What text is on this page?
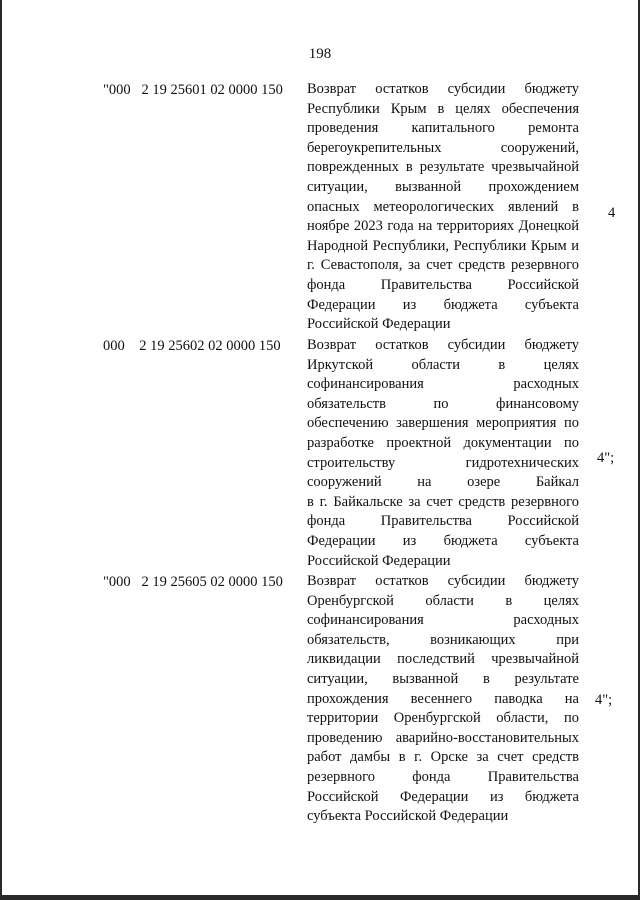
198
"000   2 19 25601 02 0000 150 Возврат остатков субсидии бюджету
Республики Крым в целях обеспечения
проведения капитального ремонта
берегоукрепительных сооружений,
поврежденных в результате чрезвычайной
ситуации, вызванной прохождением
опасных метеорологических явлений в
ноябре 2023 года на территориях Донецкой
Народной Республики, Республики Крым и
г. Севастополя, за счет средств резервного
фонда Правительства Российской
Федерации из бюджета субъекта
Российской Федерации
4
000    2 19 25602 02 0000 150 Возврат остатков субсидии бюджету
Иркутской области в целях
софинансирования расходных
обязательств по финансовому
обеспечению завершения мероприятия по
разработке проектной документации по
строительству гидротехнических
сооружений на озере Байкал
в г. Байкальске за счет средств резервного
фонда Правительства Российской
Федерации из бюджета субъекта
Российской Федерации
4";
"000   2 19 25605 02 0000 150 Возврат остатков субсидии бюджету
Оренбургской области в целях
софинансирования расходных
обязательств, возникающих при
ликвидации последствий чрезвычайной
ситуации, вызванной в результате
прохождения весеннего паводка на
территории Оренбургской области, по
проведению аварийно-восстановительных
работ дамбы в г. Орске за счет средств
резервного фонда Правительства
Российской Федерации из бюджета
субъекта Российской Федерации
4";
